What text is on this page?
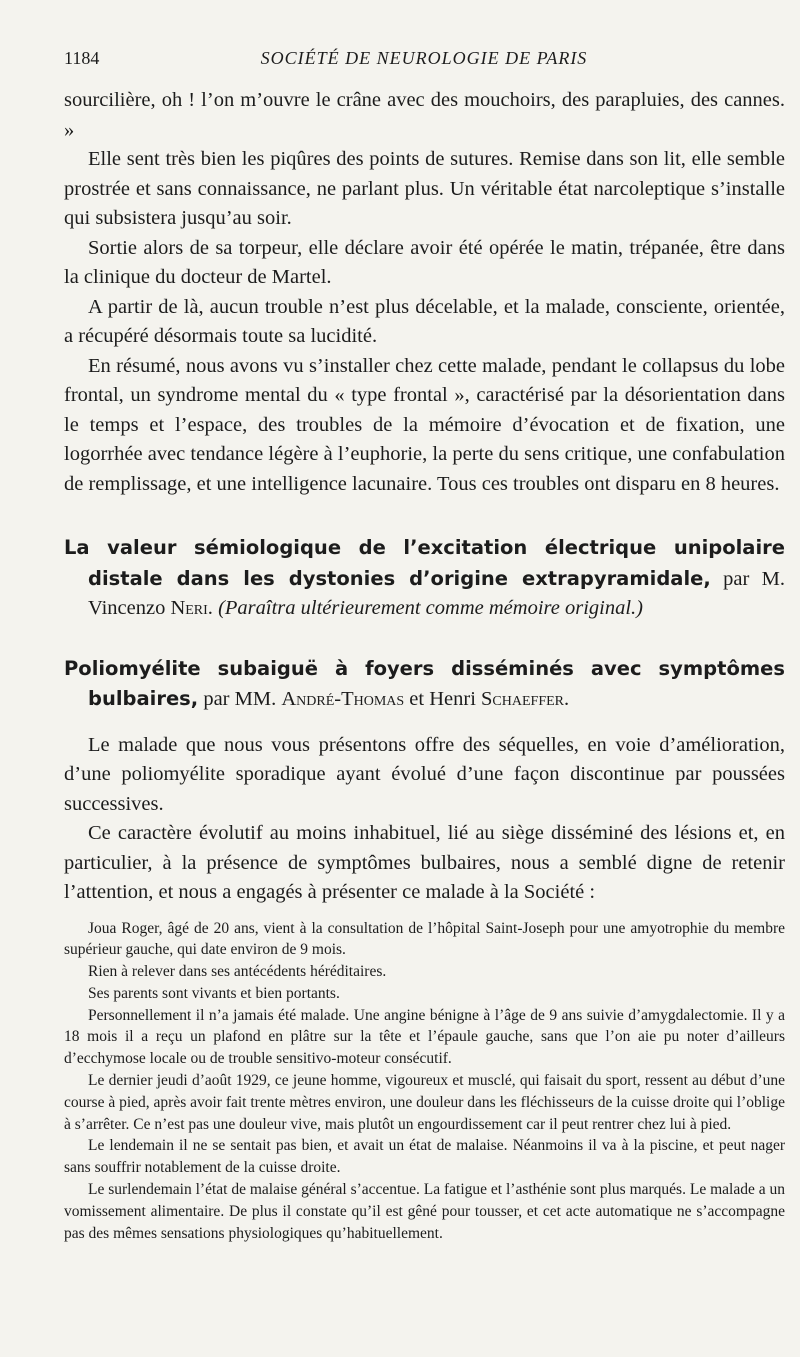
1184	SOCIÉTÉ DE NEUROLOGIE DE PARIS

sourcilière, oh ! l’on m’ouvre le crâne avec des mouchoirs, des parapluies, des cannes. »

Elle sent très bien les piqûres des points de sutures. Remise dans son lit, elle semble prostrée et sans connaissance, ne parlant plus. Un véritable état narcoleptique s’installe qui subsistera jusqu’au soir.

Sortie alors de sa torpeur, elle déclare avoir été opérée le matin, trépanée, être dans la clinique du docteur de Martel.

A partir de là, aucun trouble n’est plus décelable, et la malade, consciente, orientée, a récupéré désormais toute sa lucidité.

En résumé, nous avons vu s’installer chez cette malade, pendant le collapsus du lobe frontal, un syndrome mental du « type frontal », caractérisé par la désorientation dans le temps et l’espace, des troubles de la mémoire d’évocation et de fixation, une logorrhée avec tendance légère à l’euphorie, la perte du sens critique, une confabulation de remplissage, et une intelligence lacunaire. Tous ces troubles ont disparu en 8 heures.

La valeur sémiologique de l’excitation électrique unipolaire distale dans les dystonies d’origine extrapyramidale, par M. Vincenzo Neri. (Paraîtra ultérieurement comme mémoire original.)
Poliomyélite subaiguë à foyers disséminés avec symptômes bulbaires, par MM. André-Thomas et Henri Schaeffer.

Le malade que nous vous présentons offre des séquelles, en voie d’amélioration, d’une poliomyélite sporadique ayant évolué d’une façon discontinue par poussées successives.

Ce caractère évolutif au moins inhabituel, lié au siège disséminé des lésions et, en particulier, à la présence de symptômes bulbaires, nous a semblé digne de retenir l’attention, et nous a engagés à présenter ce malade à la Société :

Joua Roger, âgé de 20 ans, vient à la consultation de l’hôpital Saint-Joseph pour une amyotrophie du membre supérieur gauche, qui date environ de 9 mois.

Rien à relever dans ses antécédents héréditaires.

Ses parents sont vivants et bien portants.

Personnellement il n’a jamais été malade. Une angine bénigne à l’âge de 9 ans suivie d’amygdalectomie. Il y a 18 mois il a reçu un plafond en plâtre sur la tête et l’épaule gauche, sans que l’on aie pu noter d’ailleurs d’ecchymose locale ou de trouble sensitivo-moteur consécutif.

Le dernier jeudi d’août 1929, ce jeune homme, vigoureux et musclé, qui faisait du sport, ressent au début d’une course à pied, après avoir fait trente mètres environ, une douleur dans les fléchisseurs de la cuisse droite qui l’oblige à s’arrêter. Ce n’est pas une douleur vive, mais plutôt un engourdissement car il peut rentrer chez lui à pied.

Le lendemain il ne se sentait pas bien, et avait un état de malaise. Néanmoins il va à la piscine, et peut nager sans souffrir notablement de la cuisse droite.

Le surlendemain l’état de malaise général s’accentue. La fatigue et l’asthénie sont plus marqués. Le malade a un vomissement alimentaire. De plus il constate qu’il est gêné pour tousser, et cet acte automatique ne s’accompagne pas des mêmes sensations physiologiques qu’habituellement.
